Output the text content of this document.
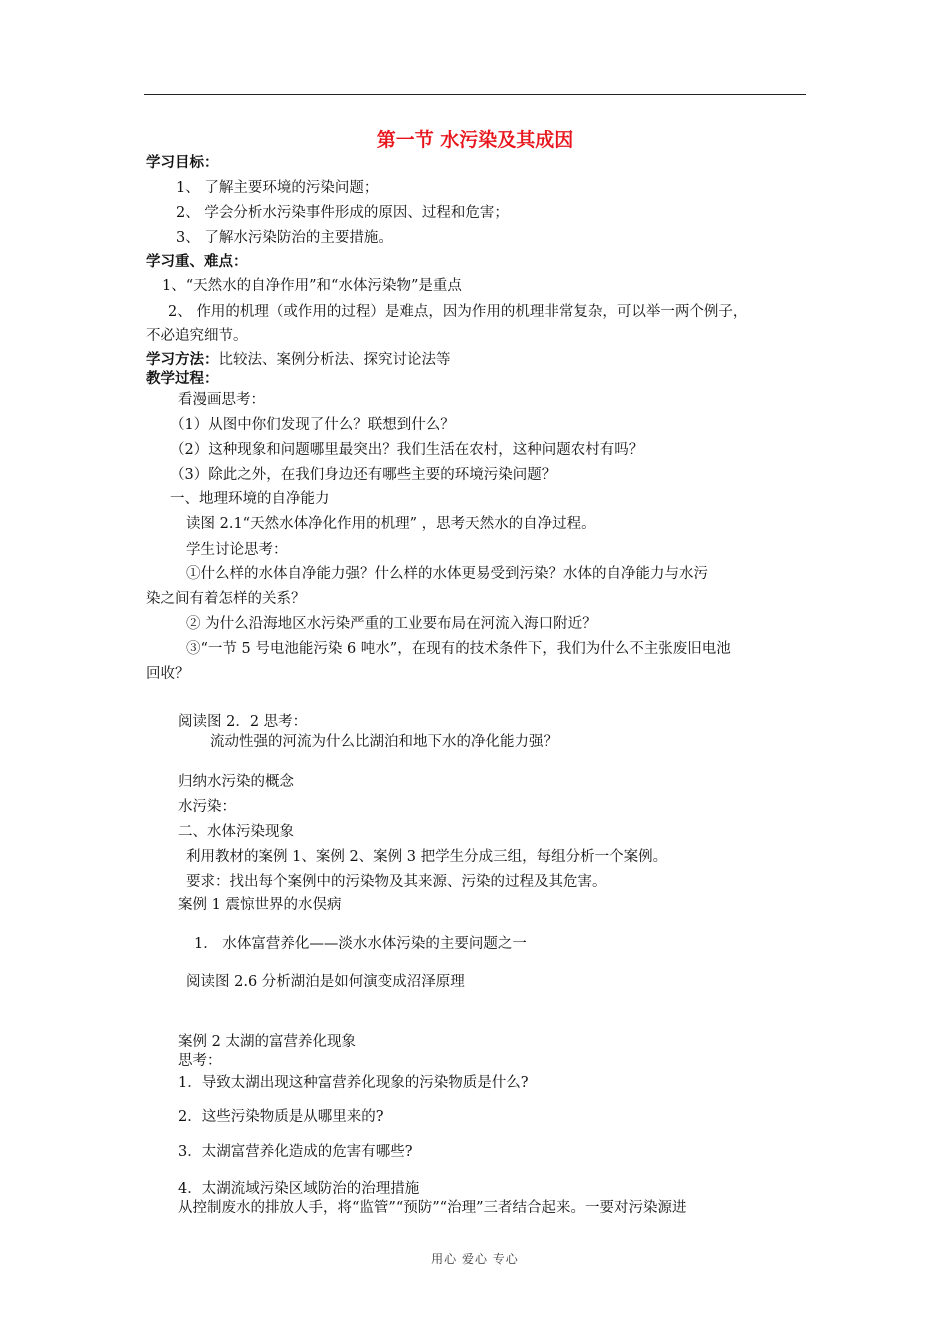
第一节 水污染及其成因
学习目标：
1、 了解主要环境的污染问题；
2、 学会分析水污染事件形成的原因、过程和危害；
3、 了解水污染防治的主要措施。
学习重、难点：
1、“天然水的自净作用”和“水体污染物”是重点
2、 作用的机理（或作用的过程）是难点，因为作用的机理非常复杂，可以举一两个例子，
不必追究细节。
学习方法：比较法、案例分析法、探究讨论法等
教学过程：
看漫画思考：
（1）从图中你们发现了什么？联想到什么？
（2）这种现象和问题哪里最突出？我们生活在农村，这种问题农村有吗？
（3）除此之外，在我们身边还有哪些主要的环境污染问题？
一、地理环境的自净能力
读图 2.1“天然水体净化作用的机理” ，思考天然水的自净过程。
学生讨论思考：
①什么样的水体自净能力强？什么样的水体更易受到污染？水体的自净能力与水污
染之间有着怎样的关系？
② 为什么沿海地区水污染严重的工业要布局在河流入海口附近？
③“一节 5 号电池能污染 6 吨水”，在现有的技术条件下，我们为什么不主张废旧电池
回收？
阅读图 2．2 思考：
流动性强的河流为什么比湖泊和地下水的净化能力强？
归纳水污染的概念
水污染：
二、水体污染现象
利用教材的案例 1、案例 2、案例 3 把学生分成三组，每组分析一个案例。
要求：找出每个案例中的污染物及其来源、污染的过程及其危害。
案例 1 震惊世界的水俣病
1． 水体富营养化——淡水水体污染的主要问题之一
阅读图 2.6 分析湖泊是如何演变成沼泽原理
案例 2 太湖的富营养化现象
思考：
1．导致太湖出现这种富营养化现象的污染物质是什么?
2．这些污染物质是从哪里来的?
3．太湖富营养化造成的危害有哪些?
4．太湖流域污染区域防治的治理措施
从控制废水的排放人手，将“监管”“预防”“治理”三者结合起来。一要对污染源进
用心 爱心 专心
